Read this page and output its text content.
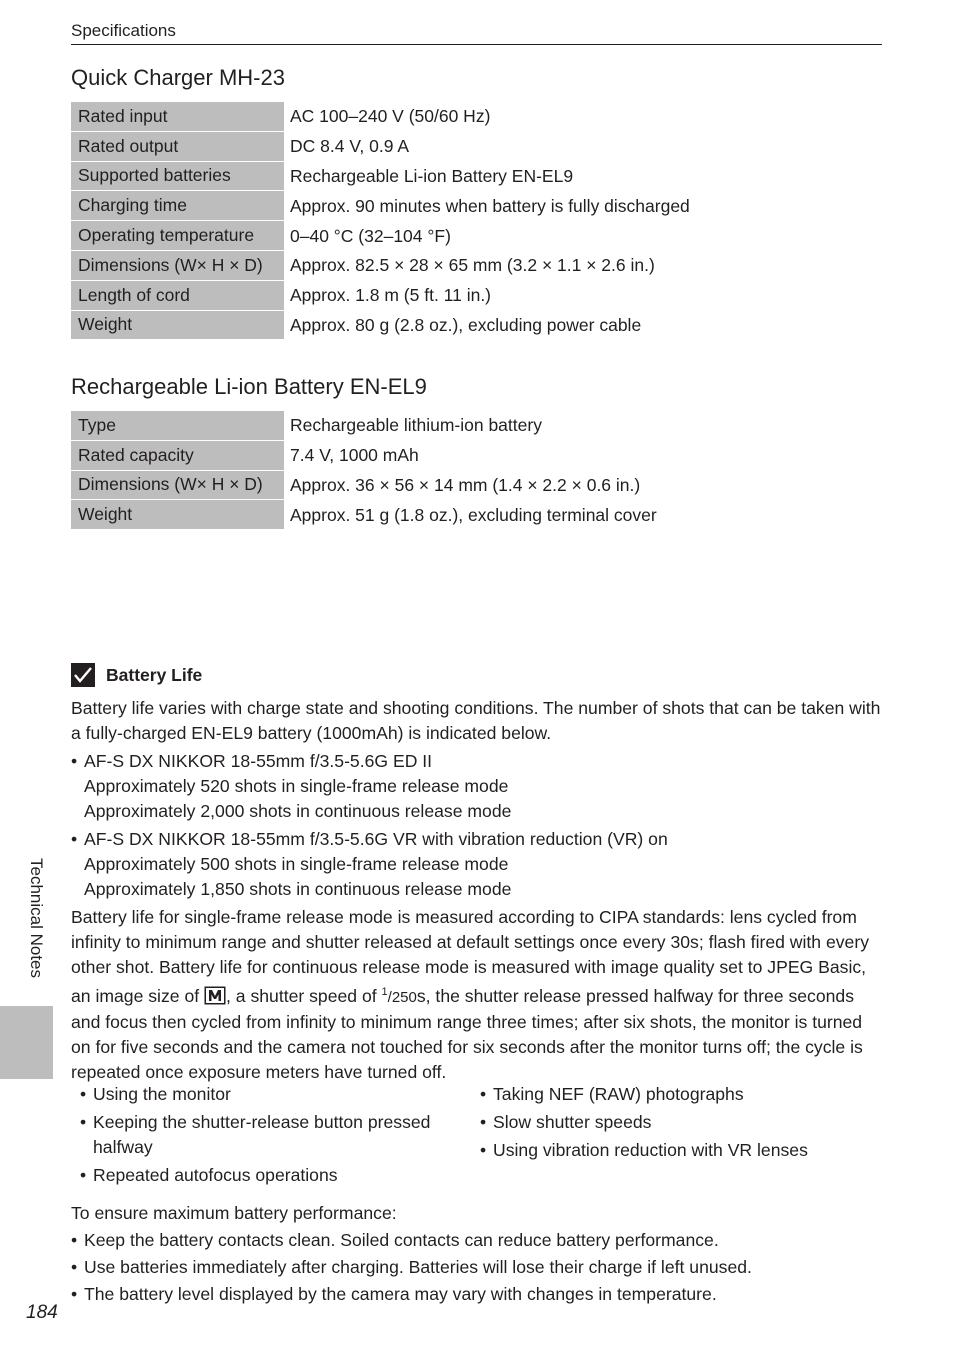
Specifications
Quick Charger MH-23
Rated input	AC 100–240 V (50/60 Hz)
Rated output	DC 8.4 V, 0.9 A
Supported batteries	Rechargeable Li-ion Battery EN-EL9
Charging time	Approx. 90 minutes when battery is fully discharged
Operating temperature	0–40 °C (32–104 °F)
Dimensions (W× H × D)	Approx. 82.5 × 28 × 65 mm (3.2 × 1.1 × 2.6 in.)
Length of cord	Approx. 1.8 m (5 ft. 11 in.)
Weight	Approx. 80 g (2.8 oz.), excluding power cable
Rechargeable Li-ion Battery EN-EL9
Type	Rechargeable lithium-ion battery
Rated capacity	7.4 V, 1000 mAh
Dimensions (W× H × D)	Approx. 36 × 56 × 14 mm (1.4 × 2.2 × 0.6 in.)
Weight	Approx. 51 g (1.8 oz.), excluding terminal cover
Battery Life

Battery life varies with charge state and shooting conditions. The number of shots that can be taken with a fully-charged EN-EL9 battery (1000mAh) is indicated below.

• AF-S DX NIKKOR 18-55mm f/3.5-5.6G ED II
Approximately 520 shots in single-frame release mode
Approximately 2,000 shots in continuous release mode
• AF-S DX NIKKOR 18-55mm f/3.5-5.6G VR with vibration reduction (VR) on
Approximately 500 shots in single-frame release mode
Approximately 1,850 shots in continuous release mode

Battery life for single-frame release mode is measured according to CIPA standards: lens cycled from infinity to minimum range and shutter released at default settings once every 30s; flash fired with every other shot. Battery life for continuous release mode is measured with image quality set to JPEG Basic, an image size of , a shutter speed of $^1$/250s, the shutter release pressed halfway for three seconds and focus then cycled from infinity to minimum range three times; after six shots, the monitor is turned on for five seconds and the camera not touched for six seconds after the monitor turns off; the cycle is repeated once exposure meters have turned off.

• Using the monitor
• Keeping the shutter-release button pressed halfway
• Repeated autofocus operations
• Taking NEF (RAW) photographs
• Slow shutter speeds
• Using vibration reduction with VR lenses

To ensure maximum battery performance:

• Keep the battery contacts clean. Soiled contacts can reduce battery performance.
• Use batteries immediately after charging. Batteries will lose their charge if left unused.
• The battery level displayed by the camera may vary with changes in temperature.
Technical Notes
184
